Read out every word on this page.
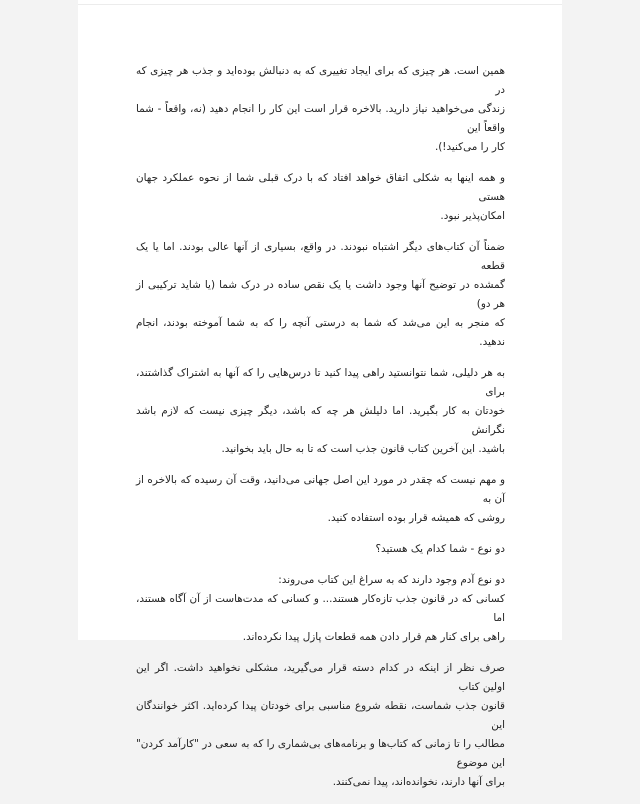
همین است. هر چیزی که برای ایجاد تغییری که به دنبالش بوده‌اید و جذب هر چیزی که در
زندگی می‌خواهید نیاز دارید. بالاخره قرار است این کار را انجام دهید (نه، واقعاً - شما واقعاً این
کار را می‌کنید!).

و همه اینها به شکلی اتفاق خواهد افتاد که با درک قبلی شما از نحوه عملکرد جهان هستی
امکان‌پذیر نبود.

ضمناً آن کتاب‌های دیگر اشتباه نبودند. در واقع، بسیاری از آنها عالی بودند. اما یا یک قطعه
گمشده در توضیح آنها وجود داشت یا یک نقص ساده در درک شما (یا شاید ترکیبی از هر دو)
که منجر به این می‌شد که شما به درستی آنچه را که به شما آموخته بودند، انجام ندهید.

به هر دلیلی، شما نتوانستید راهی پیدا کنید تا درس‌هایی را که آنها به اشتراک گذاشتند، برای
خودتان به کار بگیرید. اما دلیلش هر چه که باشد، دیگر چیزی نیست که لازم باشد نگرانش
باشید. این آخرین کتاب قانون جذب است که تا به حال باید بخوانید.

و مهم نیست که چقدر در مورد این اصل جهانی می‌دانید، وقت آن رسیده که بالاخره از آن به
روشی که همیشه قرار بوده استفاده کنید.

دو نوع - شما کدام یک هستید؟

دو نوع آدم وجود دارند که به سراغ این کتاب می‌روند:
کسانی که در قانون جذب تازه‌کار هستند... و کسانی که مدت‌هاست از آن آگاه هستند، اما
راهی برای کنار هم قرار دادن همه قطعات پازل پیدا نکرده‌اند.

صرف نظر از اینکه در کدام دسته قرار می‌گیرید، مشکلی نخواهید داشت. اگر این اولین کتاب
قانون جذب شماست، نقطه شروع مناسبی برای خودتان پیدا کرده‌اید. اکثر خوانندگان این
مطالب را تا زمانی که کتاب‌ها و برنامه‌های بی‌شماری را که به سعی در "کارآمد کردن" این موضوع
برای آنها دارند، نخوانده‌اند، پیدا نمی‌کنند.
